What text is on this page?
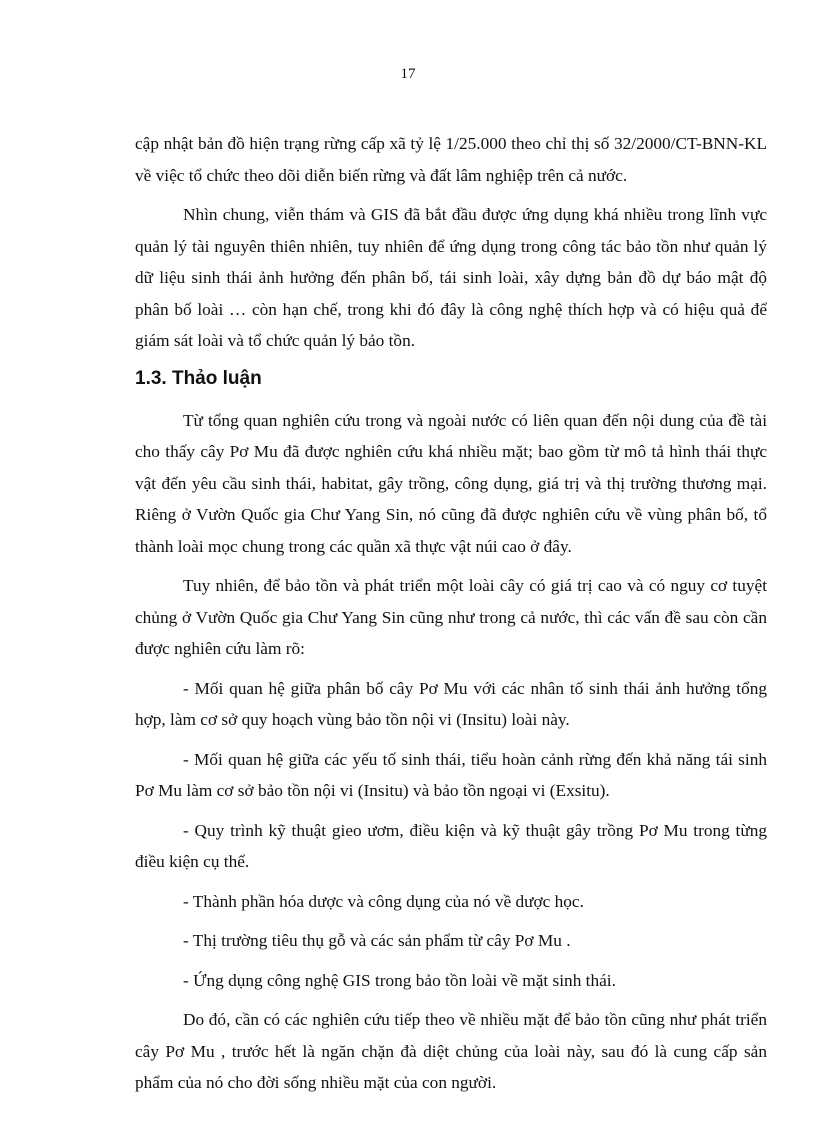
17

cập nhật bản đồ hiện trạng rừng cấp xã tỷ lệ 1/25.000 theo chỉ thị số 32/2000/CT-BNN-KL về việc tổ chức theo dõi diễn biến rừng và đất lâm nghiệp trên cả nước.

Nhìn chung, viễn thám và GIS đã bắt đầu được ứng dụng khá nhiều trong lĩnh vực quản lý tài nguyên thiên nhiên, tuy nhiên để ứng dụng trong công tác bảo tồn như quản lý dữ liệu sinh thái ảnh hưởng đến phân bố, tái sinh loài, xây dựng bản đồ dự báo mật độ phân bố loài … còn hạn chế, trong khi đó đây là công nghệ thích hợp và có hiệu quả để giám sát loài và tổ chức quản lý bảo tồn.

1.3. Thảo luận

Từ tổng quan nghiên cứu trong và ngoài nước có liên quan đến nội dung của đề tài cho thấy cây Pơ Mu đã được nghiên cứu khá nhiều mặt; bao gồm từ mô tả hình thái thực vật đến yêu cầu sinh thái, habitat, gây trồng, công dụng, giá trị và thị trường thương mại. Riêng ở Vườn Quốc gia Chư Yang Sin, nó cũng đã được nghiên cứu về vùng phân bố, tổ thành loài mọc chung trong các quần xã thực vật núi cao ở đây.

Tuy nhiên, để bảo tồn và phát triển một loài cây có giá trị cao và có nguy cơ tuyệt chủng ở Vườn Quốc gia Chư Yang Sin cũng như trong cả nước, thì các vấn đề sau còn cần được nghiên cứu làm rõ:

- Mối quan hệ giữa phân bố cây Pơ Mu với các nhân tố sinh thái ảnh hưởng tổng hợp, làm cơ sở quy hoạch vùng bảo tồn nội vi (Insitu) loài này.

- Mối quan hệ giữa các yếu tố sinh thái, tiểu hoàn cảnh rừng đến khả năng tái sinh Pơ Mu làm cơ sở bảo tồn nội vi (Insitu) và bảo tồn ngoại vi (Exsitu).

- Quy trình kỹ thuật gieo ươm, điều kiện và kỹ thuật gây trồng Pơ Mu trong từng điều kiện cụ thể.

- Thành phần hóa dược và công dụng của nó về dược học.

- Thị trường tiêu thụ gỗ và các sản phẩm từ cây Pơ Mu .

- Ứng dụng công nghệ GIS trong bảo tồn loài về mặt sinh thái.

Do đó, cần có các nghiên cứu tiếp theo về nhiều mặt để bảo tồn cũng như phát triển cây Pơ Mu , trước hết là ngăn chặn đà diệt chủng của loài này, sau đó là cung cấp sản phẩm của nó cho đời sống nhiều mặt của con người.
